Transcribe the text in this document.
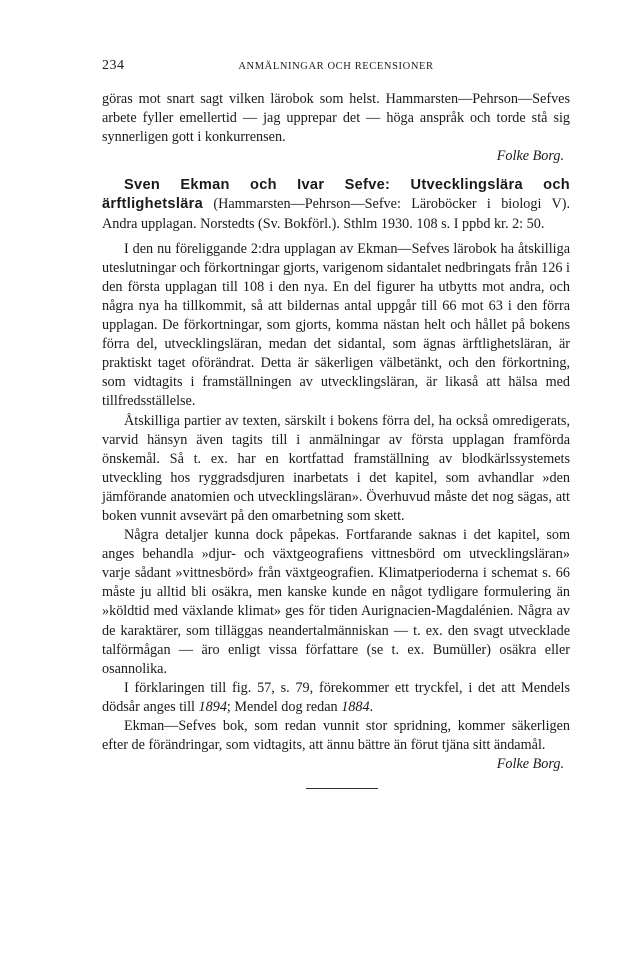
234	ANMÄLNINGAR OCH RECENSIONER

göras mot snart sagt vilken lärobok som helst. Hammarsten—Pehrson—Sefves arbete fyller emellertid — jag upprepar det — höga anspråk och torde stå sig synnerligen gott i konkurrensen.

Folke Borg.

Sven Ekman och Ivar Sefve: Utvecklingslära och ärftlighetslära (Hammarsten—Pehrson—Sefve: Läroböcker i biologi V). Andra upplagan. Norstedts (Sv. Bokförl.). Sthlm 1930. 108 s. I ppbd kr. 2: 50.

I den nu föreliggande 2:dra upplagan av Ekman—Sefves lärobok ha åtskilliga uteslutningar och förkortningar gjorts, varigenom sidantalet nedbringats från 126 i den första upplagan till 108 i den nya. En del figurer ha utbytts mot andra, och några nya ha tillkommit, så att bildernas antal uppgår till 66 mot 63 i den förra upplagan. De förkortningar, som gjorts, komma nästan helt och hållet på bokens förra del, utvecklingsläran, medan det sidantal, som ägnas ärftlighetsläran, är praktiskt taget oförändrat. Detta är säkerligen välbetänkt, och den förkortning, som vidtagits i framställningen av utvecklingsläran, är likaså att hälsa med tillfredsställelse.

Åtskilliga partier av texten, särskilt i bokens förra del, ha också omredigerats, varvid hänsyn även tagits till i anmälningar av första upplagan framförda önskemål. Så t. ex. har en kortfattad framställning av blodkärlssystemets utveckling hos ryggradsdjuren inarbetats i det kapitel, som avhandlar »den jämförande anatomien och utvecklingsläran». Överhuvud måste det nog sägas, att boken vunnit avsevärt på den omarbetning som skett.

Några detaljer kunna dock påpekas. Fortfarande saknas i det kapitel, som anges behandla »djur- och växtgeografiens vittnesbörd om utvecklingsläran» varje sådant »vittnesbörd» från växtgeografien. Klimatperioderna i schemat s. 66 måste ju alltid bli osäkra, men kanske kunde en något tydligare formulering än »köldtid med växlande klimat» ges för tiden Aurignacien-Magdalénien. Några av de karaktärer, som tilläggas neandertalmänniskan — t. ex. den svagt utvecklade talförmågan — äro enligt vissa författare (se t. ex. Bumüller) osäkra eller osannolika.

I förklaringen till fig. 57, s. 79, förekommer ett tryckfel, i det att Mendels dödsår anges till 1894; Mendel dog redan 1884.

Ekman—Sefves bok, som redan vunnit stor spridning, kommer säkerligen efter de förändringar, som vidtagits, att ännu bättre än förut tjäna sitt ändamål.
Folke Borg.
